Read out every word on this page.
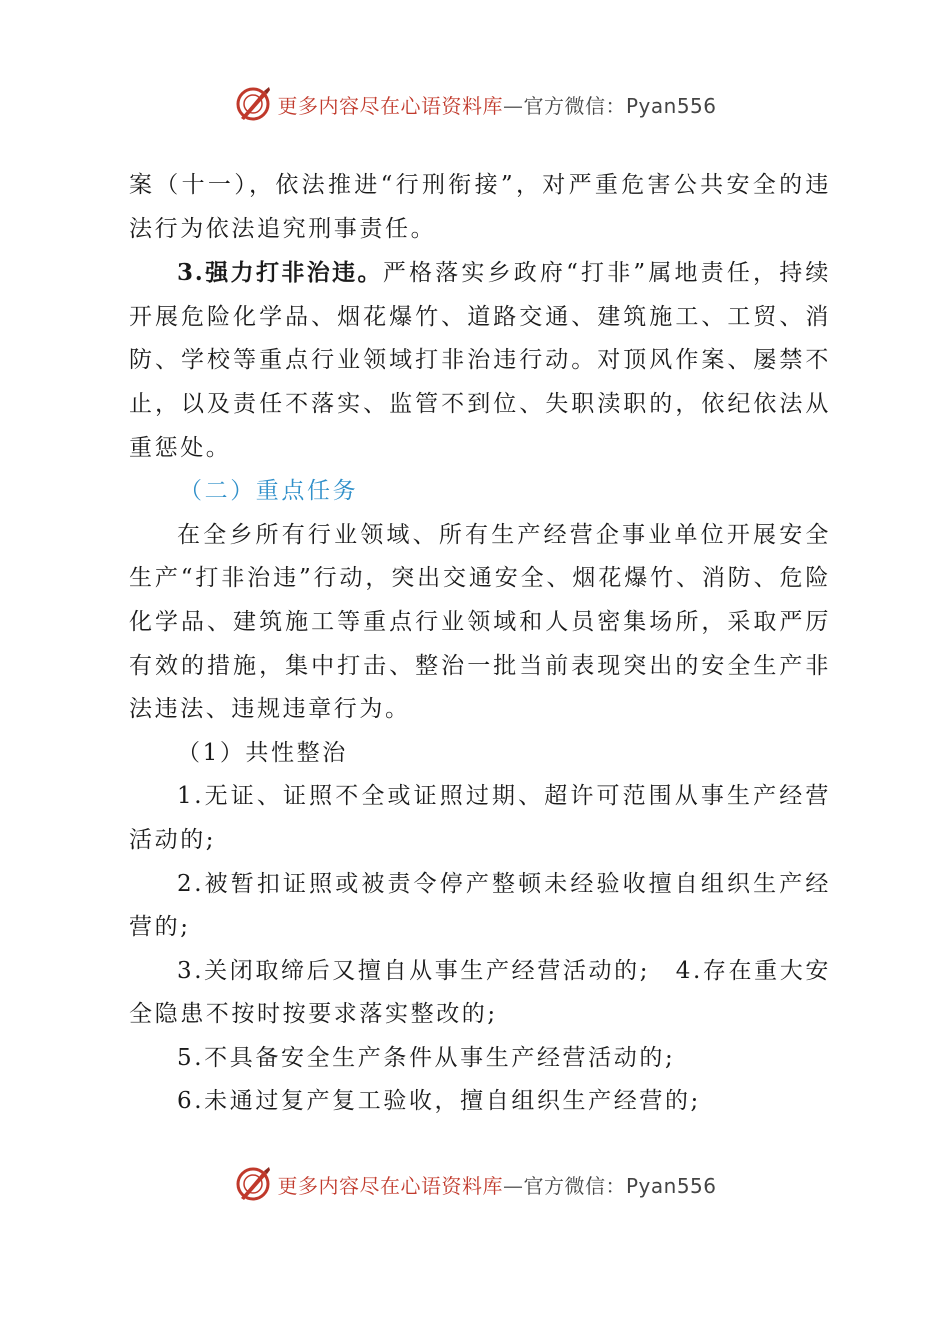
更多内容尽在心语资料库—官方微信：Pyan556

案（十一），依法推进“行刑衔接”，对严重危害公共安全的违法行为依法追究刑事责任。

3.强力打非治违。严格落实乡政府“打非”属地责任，持续开展危险化学品、烟花爆竹、道路交通、建筑施工、工贸、消防、学校等重点行业领域打非治违行动。对顶风作案、屡禁不止，以及责任不落实、监管不到位、失职渎职的，依纪依法从重惩处。

（二）重点任务

在全乡所有行业领域、所有生产经营企事业单位开展安全生产“打非治违”行动，突出交通安全、烟花爆竹、消防、危险化学品、建筑施工等重点行业领域和人员密集场所，采取严厉有效的措施，集中打击、整治一批当前表现突出的安全生产非法违法、违规违章行为。

（1）共性整治

1.无证、证照不全或证照过期、超许可范围从事生产经营活动的;

2.被暂扣证照或被责令停产整顿未经验收擅自组织生产经营的;

3.关闭取缔后又擅自从事生产经营活动的;　4.存在重大安全隐患不按时按要求落实整改的;

5.不具备安全生产条件从事生产经营活动的;

6.未通过复产复工验收，擅自组织生产经营的;

更多内容尽在心语资料库—官方微信：Pyan556
